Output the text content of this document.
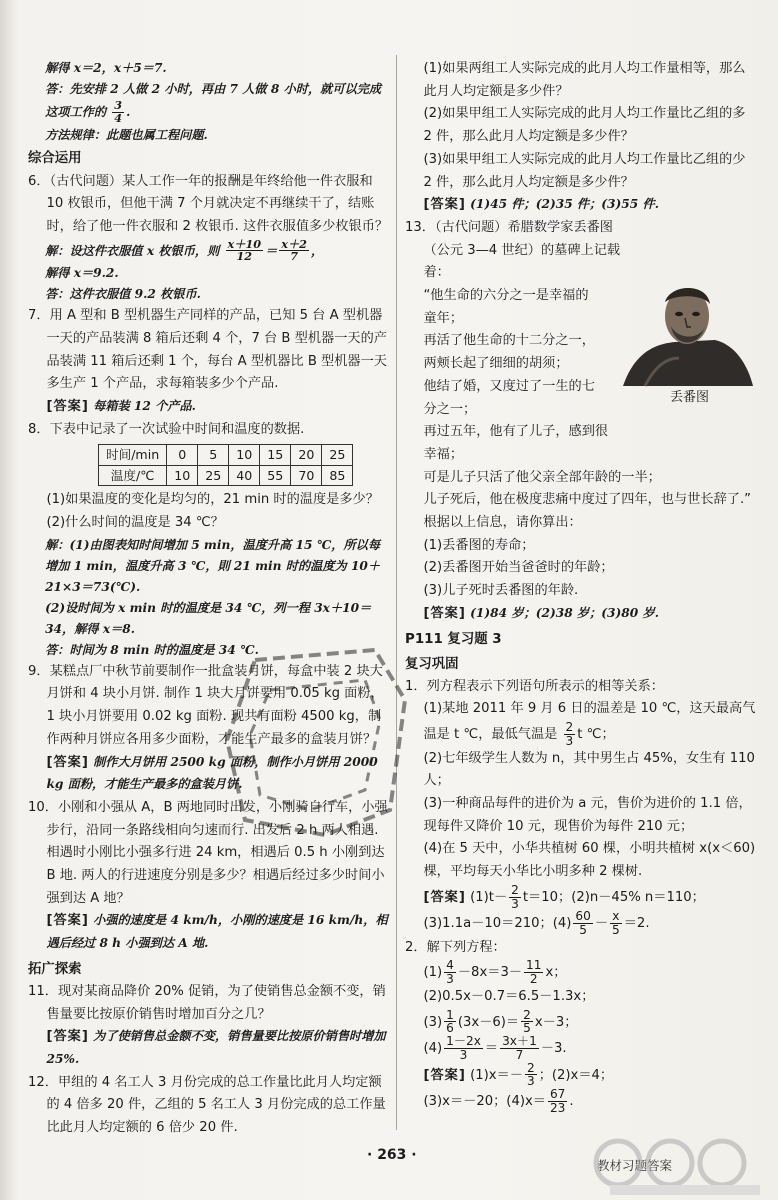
解得 x＝2，x＋5＝7.

答：先安排 2 人做 2 小时，再由 7 人做 8 小时，就可以完成

这项工作的 $\frac{3}{4}$ .

方法规律：此题也属工程问题.

综合运用

6．（古代问题）某人工作一年的报酬是年终给他一件衣服和 10 枚银币，但他干满 7 个月就决定不再继续干了，结账时，给了他一件衣服和 2 枚银币. 这件衣服值多少枚银币？

解：设这件衣服值 x 枚银币，则 $\frac{x+10}{12} = \frac{x+2}{7}$ ，

解得 x＝9.2.

答：这件衣服值 9.2 枚银币.

7．用 A 型和 B 型机器生产同样的产品，已知 5 台 A 型机器一天的产品装满 8 箱后还剩 4 个，7 台 B 型机器一天的产品装满 11 箱后还剩 1 个，每台 A 型机器比 B 型机器一天多生产 1 个产品，求每箱装多少个产品.

[答案] 每箱装 12 个产品.

8．下表中记录了一次试验中时间和温度的数据.

时间/min	0	5	10	15	20	25
温度/℃	10	25	40	55	70	85

(1)如果温度的变化是均匀的，21 min 时的温度是多少？

(2)什么时间的温度是 34 ℃？

解：(1)由图表知时间增加 5 min，温度升高 15 ℃，所以每增加 1 min，温度升高 3 ℃，則 21 min 时的温度为 10＋21×3＝73(℃).

(2)设时间为 x min 时的温度是 34 ℃，列一程 3x＋10＝34，解得 x＝8.

答：时间为 8 min 时的温度是 34 ℃.

9．某糕点厂中秋节前要制作一批盒装月饼，每盒中装 2 块大月饼和 4 块小月饼. 制作 1 块大月饼要用 0.05 kg 面粉，1 块小月饼要用 0.02 kg 面粉. 现共有面粉 4500 kg，制作两种月饼应各用多少面粉，才能生产最多的盒装月饼？

[答案] 制作大月饼用 2500 kg 面粉，制作小月饼用 2000 kg 面粉，才能生产最多的盒装月饼.

10．小刚和小强从 A，B 两地同时出发，小刚骑自行车，小强步行，沿同一条路线相向匀速而行. 出发后 2 h 两人相遇. 相遇时小刚比小强多行进 24 km，相遇后 0.5 h 小刚到达 B 地. 两人的行进速度分别是多少？相遇后经过多少时间小强到达 A 地？

[答案] 小强的速度是 4 km/h，小刚的速度是 16 km/h，相遇后经过 8 h 小强到达 A 地.

拓广探索

11．现对某商品降价 20% 促销，为了使销售总金额不变，销售量要比按原价销售时增加百分之几？

[答案] 为了使销售总金额不变，销售量要比按原价销售时增加 25%.

12．甲组的 4 名工人 3 月份完成的总工作量比此月人均定额的 4 倍多 20 件，乙组的 5 名工人 3 月份完成的总工作量比此月人均定额的 6 倍少 20 件.

(1)如果两组工人实际完成的此月人均工作量相等，那么此月人均定额是多少件？

(2)如果甲组工人实际完成的此月人均工作量比乙组的多 2 件，那么此月人均定额是多少件？

(3)如果甲组工人实际完成的此月人均工作量比乙组的少 2 件，那么此月人均定额是多少件？

[答案] (1)45 件；(2)35 件；(3)55 件.

13．（古代问题）希腊数学家丢番图（公元 3—4 世纪）的墓碑上记载着：

“他生命的六分之一是幸福的

童年；

再活了他生命的十二分之一，

两颊长起了细细的胡须；

他结了婚，又度过了一生的七

分之一；

再过五年，他有了儿子，感到很

幸福；

可是儿子只活了他父亲全部年龄的一半；

儿子死后，他在极度悲痛中度过了四年，也与世长辞了.”

根据以上信息，请你算出：

(1)丢番图的寿命；

(2)丢番图开始当爸爸时的年龄；

(3)儿子死时丢番图的年龄.

[答案] (1)84 岁；(2)38 岁；(3)80 岁.

P111 复习题 3

复习巩固

1．列方程表示下列语句所表示的相等关系：

(1)某地 2011 年 9 月 6 日的温差是 10 ℃，这天最高气温是 t ℃，最低气温是 $\frac{2}{3}$ t ℃；

(2)七年级学生人数为 n，其中男生占 45%，女生有 110 人；

(3)一种商品每件的进价为 a 元，售价为进价的 1.1 倍，现每件又降价 10 元，现售价为每件 210 元；

(4)在 5 天中，小华共植树 60 棵，小明共植树 x(x＜60) 棵，平均每天小华比小明多种 2 棵树.

[答案] $(1)t- \frac{2}{3} t=10$；(2)n－45% n＝110；

(3)1.1a－10＝210；$(4) \frac{60}{5} - \frac{x}{5} =2$.

2．解下列方程：

$(1) \frac{4}{3} -8x=3- \frac{11}{2}$ x；

(2)0.5x－0.7＝6.5－1.3x；

$(3) \frac{1}{6} (3x-6)= \frac{2}{5} x-3$；

$(4) \frac{1-2x}{3} = \frac{3x+1}{7} -3$.

[答案] $(1)x=- \frac{2}{3}$ ；(2)x＝4；

(3)x＝－20；$(4)x= \frac{67}{23}$ .

丢番图
· 263 ·
教材习题答案
